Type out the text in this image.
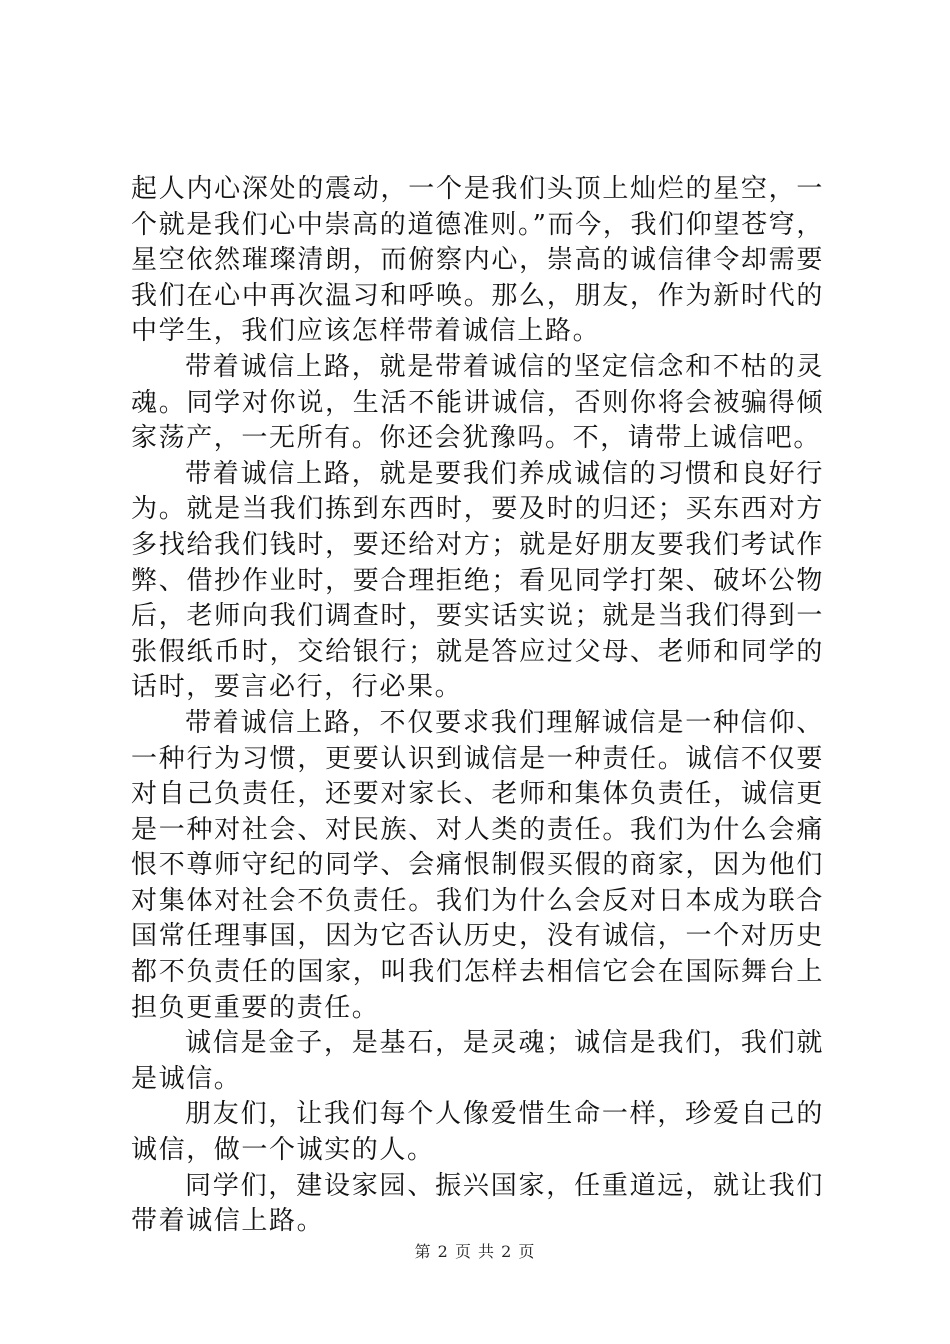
起人内心深处的震动，一个是我们头顶上灿烂的星空，一个就是我们心中崇高的道德准则。”而今，我们仰望苍穹，星空依然璀璨清朗，而俯察内心，崇高的诚信律令却需要我们在心中再次温习和呼唤。那么，朋友，作为新时代的中学生，我们应该怎样带着诚信上路。

带着诚信上路，就是带着诚信的坚定信念和不枯的灵魂。同学对你说，生活不能讲诚信，否则你将会被骗得倾家荡产，一无所有。你还会犹豫吗。不，请带上诚信吧。

带着诚信上路，就是要我们养成诚信的习惯和良好行为。就是当我们拣到东西时，要及时的归还；买东西对方多找给我们钱时，要还给对方；就是好朋友要我们考试作弊、借抄作业时，要合理拒绝；看见同学打架、破坏公物后，老师向我们调查时，要实话实说；就是当我们得到一张假纸币时，交给银行；就是答应过父母、老师和同学的话时，要言必行，行必果。

带着诚信上路，不仅要求我们理解诚信是一种信仰、一种行为习惯，更要认识到诚信是一种责任。诚信不仅要对自己负责任，还要对家长、老师和集体负责任，诚信更是一种对社会、对民族、对人类的责任。我们为什么会痛恨不尊师守纪的同学、会痛恨制假买假的商家，因为他们对集体对社会不负责任。我们为什么会反对日本成为联合国常任理事国，因为它否认历史，没有诚信，一个对历史都不负责任的国家，叫我们怎样去相信它会在国际舞台上担负更重要的责任。

诚信是金子，是基石，是灵魂；诚信是我们，我们就是诚信。

朋友们，让我们每个人像爱惜生命一样，珍爱自己的诚信，做一个诚实的人。

同学们，建设家园、振兴国家，任重道远，就让我们带着诚信上路。

第 2 页 共 2 页
